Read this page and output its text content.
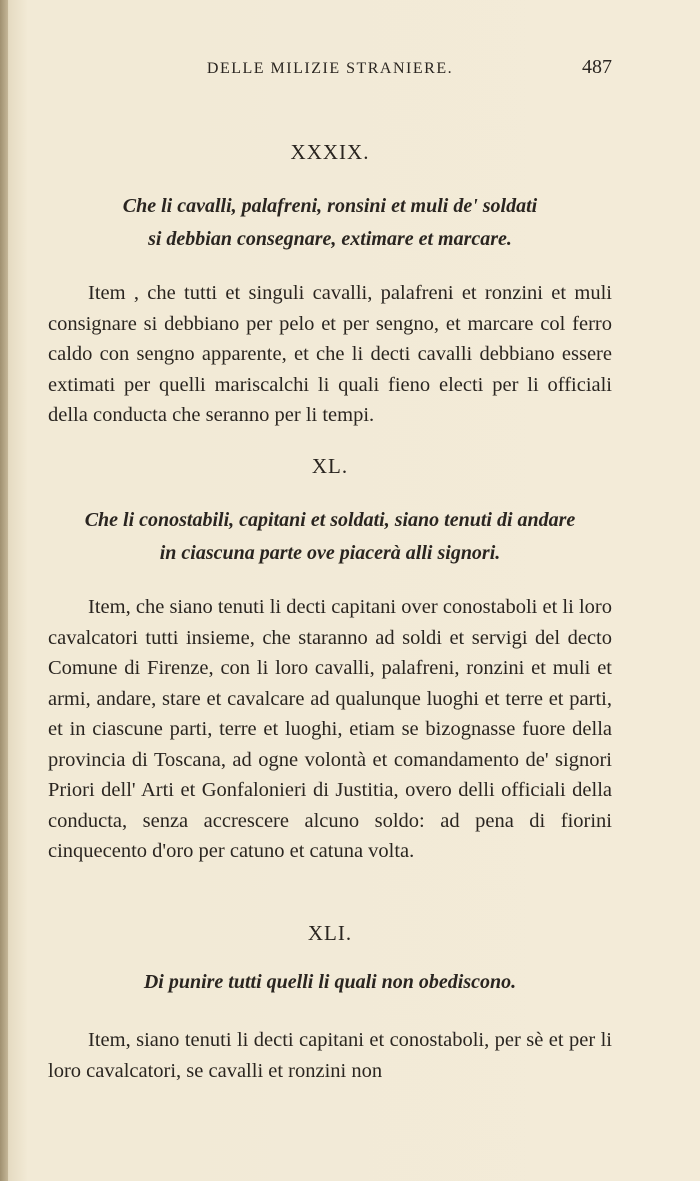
DELLE MILIZIE STRANIERE.	487
XXXIX.
Che li cavalli, palafreni, ronsini et muli de' soldati
si debbian consegnare, extimare et marcare.

Item , che tutti et singuli cavalli, palafreni et ronzini et muli consignare si debbiano per pelo et per sengno, et marcare col ferro caldo con sengno apparente, et che li decti cavalli debbiano essere extimati per quelli mariscalchi li quali fieno electi per li officiali della conducta che seranno per li tempi.

XL.
Che li conostabili, capitani et soldati, siano tenuti di andare
in ciascuna parte ove piacerà alli signori.

Item, che siano tenuti li decti capitani over conostaboli et li loro cavalcatori tutti insieme, che staranno ad soldi et servigi del decto Comune di Firenze, con li loro cavalli, palafreni, ronzini et muli et armi, andare, stare et cavalcare ad qualunque luoghi et terre et parti, et in ciascune parti, terre et luoghi, etiam se bizognasse fuore della provincia di Toscana, ad ogne volontà et comandamento de' signori Priori dell' Arti et Gonfalonieri di Justitia, overo delli officiali della conducta, senza accrescere alcuno soldo: ad pena di fiorini cinquecento d'oro per catuno et catuna volta.

XLI.
Di punire tutti quelli li quali non obediscono.

Item, siano tenuti li decti capitani et conostaboli, per sè et per li loro cavalcatori, se cavalli et ronzini non
